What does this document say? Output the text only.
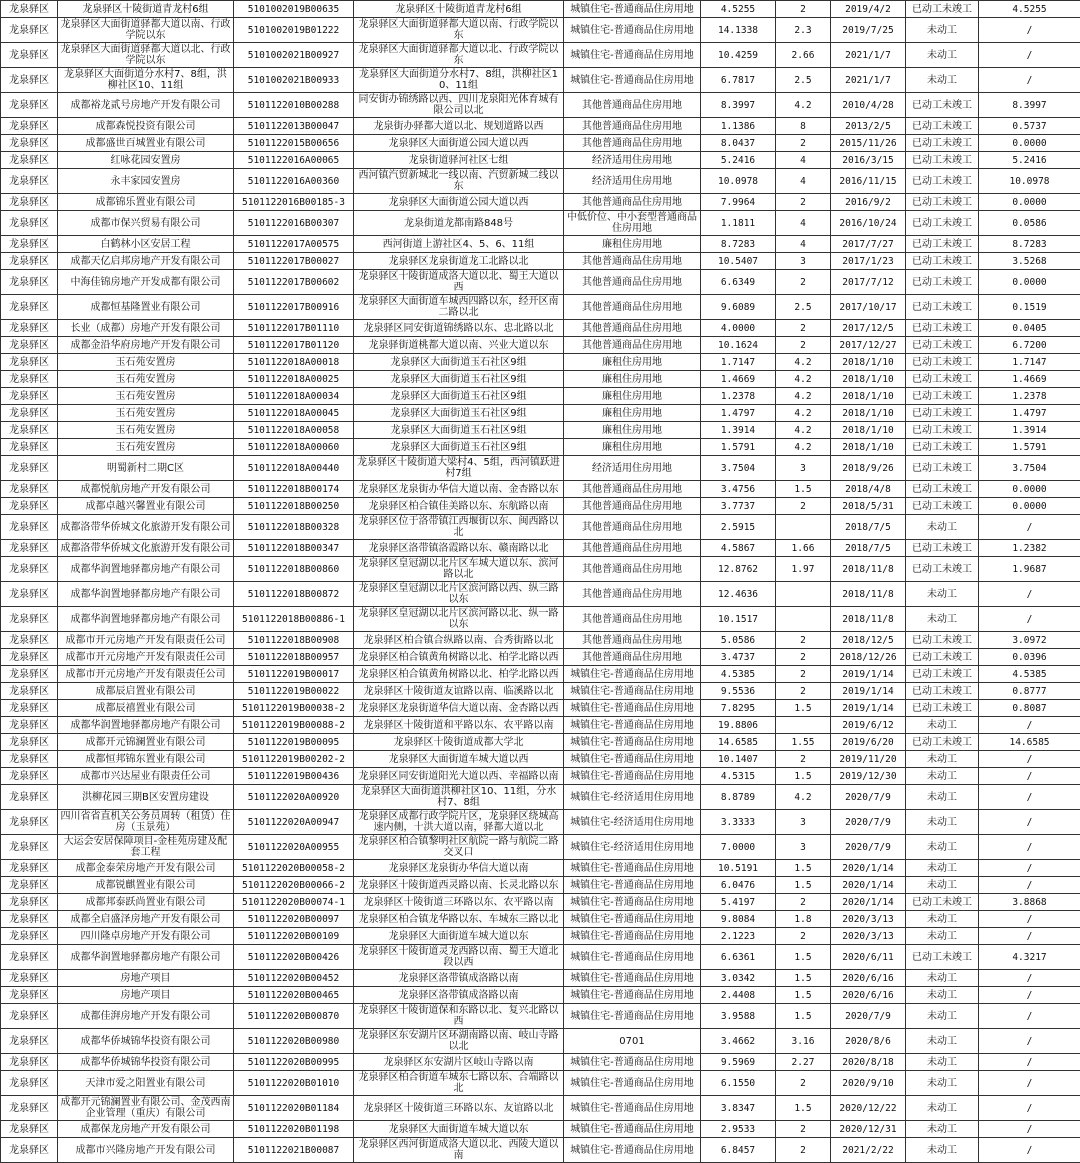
龙泉驿区	龙泉驿区十陵街道青龙村6组	5101002019B00635	龙泉驿区十陵街道青龙村6组	城镇住宅-普通商品住房用地	4.5255	2	2019/4/2	已动工未竣工	4.5255
龙泉驿区	龙泉驿区大面街道驿都大道以南、行政学院以东	5101002019B01222	龙泉驿区大面街道驿都大道以南、行政学院以东	城镇住宅-普通商品住房用地	14.1338	2.3	2019/7/25	未动工	/
龙泉驿区	龙泉驿区大面街道驿都大道以北、行政学院以东	5101002021B00927	龙泉驿区大面街道驿都大道以北、行政学院以东	城镇住宅-普通商品住房用地	10.4259	2.66	2021/1/7	未动工	/
龙泉驿区	龙泉驿区大面街道分水村7、8组，洪柳社区10、11组	5101002021B00933	龙泉驿区大面街道分水村7、8组，洪柳社区10、11组	城镇住宅-普通商品住房用地	6.7817	2.5	2021/1/7	未动工	/
龙泉驿区	成都裕龙贰号房地产开发有限公司	5101122010B00288	同安街办锦绣路以西、四川龙泉阳光体育城有限公司以北	其他普通商品住房用地	8.3997	4.2	2010/4/28	已动工未竣工	8.3997
龙泉驿区	成都森悦投资有限公司	5101122013B00047	龙泉街办驿都大道以北、规划道路以西	其他普通商品住房用地	1.1386	8	2013/2/5	已动工未竣工	0.5737
龙泉驿区	成都盛世百城置业有限公司	5101122015B00656	龙泉驿区大面街道公园大道以西	其他普通商品住房用地	8.0437	2	2015/11/26	已动工未竣工	0.0000
龙泉驿区	红咏花园安置房	5101122016A00065	龙泉街道驿河社区七组	经济适用住房用地	5.2416	4	2016/3/15	已动工未竣工	5.2416
龙泉驿区	永丰家园安置房	5101122016A00360	西河镇汽贸新城北一线以南、汽贸新城二线以东	经济适用住房用地	10.0978	4	2016/11/15	已动工未竣工	10.0978
龙泉驿区	成都锦乐置业有限公司	5101122016B00185-3	龙泉驿区大面街道公园大道以西	其他普通商品住房用地	7.9964	2	2016/9/2	已动工未竣工	0.0000
龙泉驿区	成都市保兴贸易有限公司	5101122016B00307	龙泉街道龙都南路848号	中低价位、中小套型普通商品住房用地	1.1811	4	2016/10/24	已动工未竣工	0.0586
龙泉驿区	白鹤林小区安居工程	5101122017A00575	西河街道上游社区4、5、6、11组	廉租住房用地	8.7283	4	2017/7/27	已动工未竣工	8.7283
龙泉驿区	成都天亿启邦房地产开发有限公司	5101122017B00027	龙泉驿区龙泉街道龙工北路以北	其他普通商品住房用地	10.5407	3	2017/1/23	已动工未竣工	3.5268
龙泉驿区	中海佳锦房地产开发成都有限公司	5101122017B00602	龙泉驿区十陵街道成洛大道以北、蜀王大道以西	其他普通商品住房用地	6.6349	2	2017/7/12	已动工未竣工	0.0000
龙泉驿区	成都恒基隆置业有限公司	5101122017B00916	龙泉驿区大面街道车城西四路以东，经开区南二路以北	其他普通商品住房用地	9.6089	2.5	2017/10/17	已动工未竣工	0.1519
龙泉驿区	长业（成都）房地产开发有限公司	5101122017B01110	龙泉驿区同安街道锦绣路以东、忠北路以北	其他普通商品住房用地	4.0000	2	2017/12/5	已动工未竣工	0.0405
龙泉驿区	成都金沿华府房地产开发有限公司	5101122017B01120	龙泉驿街道桃都大道以南、兴业大道以东	其他普通商品住房用地	10.1624	2	2017/12/27	已动工未竣工	6.7200
龙泉驿区	玉石苑安置房	5101122018A00018	龙泉驿区大面街道玉石社区9组	廉租住房用地	1.7147	4.2	2018/1/10	已动工未竣工	1.7147
龙泉驿区	玉石苑安置房	5101122018A00025	龙泉驿区大面街道玉石社区9组	廉租住房用地	1.4669	4.2	2018/1/10	已动工未竣工	1.4669
龙泉驿区	玉石苑安置房	5101122018A00034	龙泉驿区大面街道玉石社区9组	廉租住房用地	1.2378	4.2	2018/1/10	已动工未竣工	1.2378
龙泉驿区	玉石苑安置房	5101122018A00045	龙泉驿区大面街道玉石社区9组	廉租住房用地	1.4797	4.2	2018/1/10	已动工未竣工	1.4797
龙泉驿区	玉石苑安置房	5101122018A00058	龙泉驿区大面街道玉石社区9组	廉租住房用地	1.3914	4.2	2018/1/10	已动工未竣工	1.3914
龙泉驿区	玉石苑安置房	5101122018A00060	龙泉驿区大面街道玉石社区9组	廉租住房用地	1.5791	4.2	2018/1/10	已动工未竣工	1.5791
龙泉驿区	明蜀新村二期C区	5101122018A00440	龙泉驿区十陵街道大梁村4、5组，西河镇跃进村7组	经济适用住房用地	3.7504	3	2018/9/26	已动工未竣工	3.7504
龙泉驿区	成都悦航房地产开发有限公司	5101122018B00174	龙泉驿区龙泉街办华信大道以南、金杏路以东	其他普通商品住房用地	3.4756	1.5	2018/4/8	已动工未竣工	0.0000
龙泉驿区	成都卓越兴馨置业有限公司	5101122018B00250	龙泉驿区柏合镇佳美路以东、东航路以南	其他普通商品住房用地	3.7737	2	2018/5/31	已动工未竣工	0.0000
龙泉驿区	成都洛带华侨城文化旅游开发有限公司	5101122018B00328	龙泉驿区位于洛带镇江西堰街以东、闽西路以北	其他普通商品住房用地	2.5915		2018/7/5	未动工	/
龙泉驿区	成都洛带华侨城文化旅游开发有限公司	5101122018B00347	龙泉驿区洛带镇洛霞路以东、赣南路以北	其他普通商品住房用地	4.5867	1.66	2018/7/5	已动工未竣工	1.2382
龙泉驿区	成都华润置地驿都房地产有限公司	5101122018B00860	龙泉驿区皇冠湖以北片区车城大道以东、滨河路以北	其他普通商品住房用地	12.8762	1.97	2018/11/8	已动工未竣工	1.9687
龙泉驿区	成都华润置地驿都房地产有限公司	5101122018B00872	龙泉驿区皇冠湖以北片区滨河路以西、纵三路以东	其他普通商品住房用地	12.4636		2018/11/8	未动工	/
龙泉驿区	成都华润置地驿都房地产有限公司	5101122018B00886-1	龙泉驿区皇冠湖以北片区滨河路以北、纵一路以东	其他普通商品住房用地	10.1517		2018/11/8	未动工	/
龙泉驿区	成都市开元房地产开发有限责任公司	5101122018B00908	龙泉驿区柏合镇合纵路以南、合秀街路以北	其他普通商品住房用地	5.0586	2	2018/12/5	已动工未竣工	3.0972
龙泉驿区	成都市开元房地产开发有限责任公司	5101122018B00957	龙泉驿区柏合镇黄角树路以北、柏学北路以西	其他普通商品住房用地	3.4737	2	2018/12/26	已动工未竣工	0.0396
龙泉驿区	成都市开元房地产开发有限责任公司	5101122019B00017	龙泉驿区柏合镇黄角树路以北、柏学北路以西	城镇住宅-普通商品住房用地	4.5385	2	2019/1/14	已动工未竣工	4.5385
龙泉驿区	成都辰启置业有限公司	5101122019B00022	龙泉驿区十陵街道友谊路以南、临溪路以北	城镇住宅-普通商品住房用地	9.5536	2	2019/1/14	已动工未竣工	0.8777
龙泉驿区	成都辰禧置业有限公司	5101122019B00038-2	龙泉驿区龙泉街道华信大道以南、金杏路以西	城镇住宅-普通商品住房用地	7.8295	1.5	2019/1/14	已动工未竣工	0.8087
龙泉驿区	成都华润置地驿都房地产有限公司	5101122019B00088-2	龙泉驿区十陵街道和平路以东、农平路以南	城镇住宅-普通商品住房用地	19.8806		2019/6/12	未动工	/
龙泉驿区	成都开元锦澜置业有限公司	5101122019B00095	龙泉驿区十陵街道成都大学北	城镇住宅-普通商品住房用地	14.6585	1.55	2019/6/20	已动工未竣工	14.6585
龙泉驿区	成都恒邦锦东置业有限公司	5101122019B00202-2	龙泉驿区大面街道车城大道以西	城镇住宅-普通商品住房用地	10.1407	2	2019/11/20	未动工	/
龙泉驿区	成都市兴达屋业有限责任公司	5101122019B00436	龙泉驿区同安街道阳光大道以西、幸福路以南	城镇住宅-普通商品住房用地	4.5315	1.5	2019/12/30	未动工	/
龙泉驿区	洪柳花园三期B区安置房建设	5101122020A00920	龙泉驿区大面街道洪柳社区10、11组，分水村7、8组	城镇住宅-经济适用住房用地	8.8789	4.2	2020/7/9	未动工	/
龙泉驿区	四川省省直机关公务员周转（租赁）住房（玉景苑）	5101122020A00947	龙泉驿区成都行政学院片区，龙泉驿区绕城高速内侧，十洪大道以南，驿都大道以北	城镇住宅-经济适用住房用地	3.3333	3	2020/7/9	未动工	/
龙泉驿区	大运会安居保障项目-金桂苑房建及配套工程	5101122020A00955	龙泉驿区柏合镇黎明社区航院一路与航院二路交叉口	城镇住宅-经济适用住房用地	7.0000	3	2020/7/9	未动工	/
龙泉驿区	成都金泰荣房地产开发有限公司	5101122020B00058-2	龙泉驿区龙泉街办华信大道以南	城镇住宅-普通商品住房用地	10.5191	1.5	2020/1/14	未动工	/
龙泉驿区	成都锐麒置业有限公司	5101122020B00066-2	龙泉驿区十陵街道西灵路以南、长灵北路以东	城镇住宅-普通商品住房用地	6.0476	1.5	2020/1/14	未动工	/
龙泉驿区	成都邦泰跃尚置业有限公司	5101122020B00074-1	龙泉驿区十陵街道三环路以东、农平路以南	城镇住宅-普通商品住房用地	5.4197	2	2020/1/14	已动工未竣工	3.8868
龙泉驿区	成都全启盛泽房地产开发有限公司	5101122020B00097	龙泉驿区柏合镇龙华路以东、车城东三路以北	城镇住宅-普通商品住房用地	9.8084	1.8	2020/3/13	未动工	/
龙泉驿区	四川隆卓房地产开发有限公司	5101122020B00109	龙泉驿区大面街道车城大道以东	城镇住宅-普通商品住房用地	2.1223	2	2020/3/13	未动工	/
龙泉驿区	成都华润置地驿都房地产有限公司	5101122020B00426	龙泉驿区十陵街道灵龙西路以南、蜀王大道北段以西	城镇住宅-普通商品住房用地	6.6361	1.5	2020/6/11	已动工未竣工	4.3217
龙泉驿区	房地产项目	5101122020B00452	龙泉驿区洛带镇成洛路以南	城镇住宅-普通商品住房用地	3.0342	1.5	2020/6/16	未动工	/
龙泉驿区	房地产项目	5101122020B00465	龙泉驿区洛带镇成洛路以南	城镇住宅-普通商品住房用地	2.4408	1.5	2020/6/16	未动工	/
龙泉驿区	成都佳湃房地产开发有限公司	5101122020B00870	龙泉驿区十陵街道保和东路以北、复兴北路以西	城镇住宅-普通商品住房用地	3.9588	1.5	2020/7/9	未动工	/
龙泉驿区	成都华侨城锦华投资有限公司	5101122020B00980	龙泉驿区东安湖片区环湖南路以南、岐山寺路以北	0701	3.4662	3.16	2020/8/6	未动工	/
龙泉驿区	成都华侨城锦华投资有限公司	5101122020B00995	龙泉驿区东安湖片区岐山寺路以南	城镇住宅-普通商品住房用地	9.5969	2.27	2020/8/18	未动工	/
龙泉驿区	天津市爱之阳置业有限公司	5101122020B01010	龙泉驿区柏合街道车城东七路以东、合端路以北	城镇住宅-普通商品住房用地	6.1550	2	2020/9/10	未动工	/
龙泉驿区	成都开元锦澜置业有限公司、金茂西南企业管理（重庆）有限公司	5101122020B01184	龙泉驿区十陵街道三环路以东、友谊路以北	城镇住宅-普通商品住房用地	3.8347	1.5	2020/12/22	未动工	/
龙泉驿区	成都保龙房地产开发有限公司	5101122020B01198	龙泉驿区大面街道车城大道以东	城镇住宅-普通商品住房用地	2.9533	2	2020/12/31	未动工	/
龙泉驿区	成都市兴隆房地产开发有限公司	5101122021B00087	龙泉驿区西河街道成洛大道以北、西陵大道以南	城镇住宅-普通商品住房用地	6.8457	2	2021/2/22	未动工	/
